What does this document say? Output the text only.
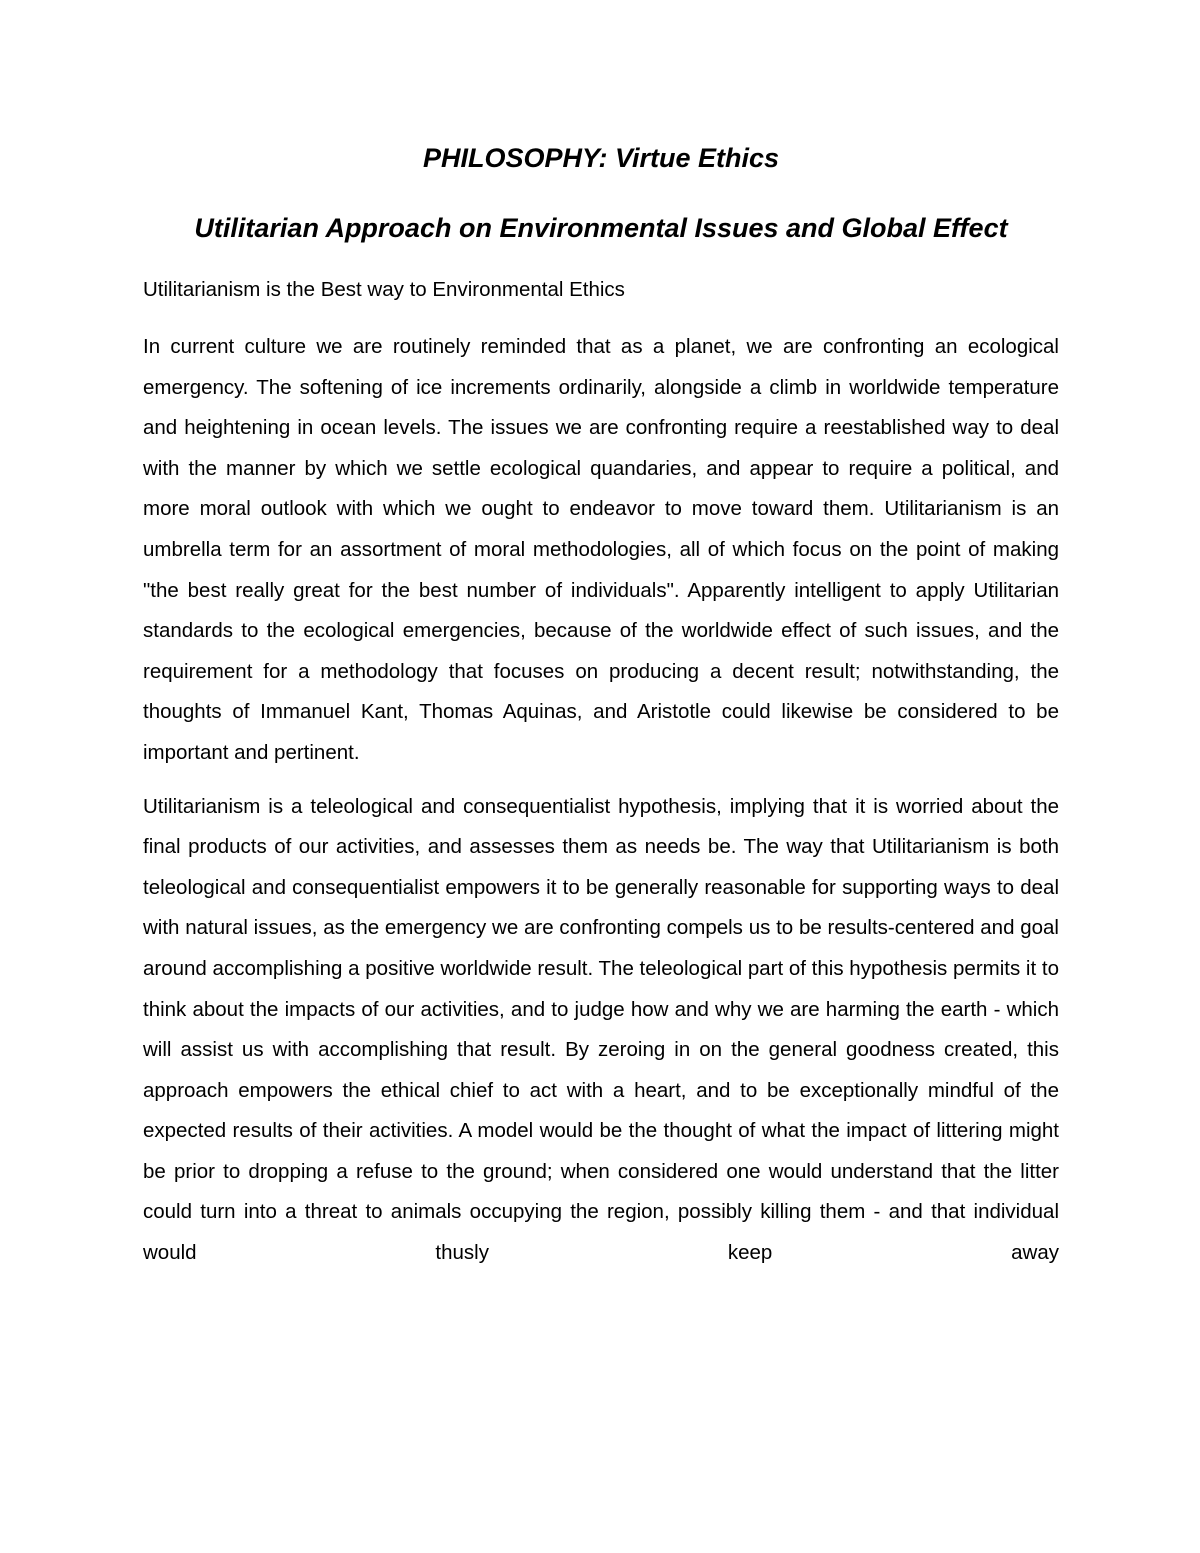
PHILOSOPHY: Virtue Ethics
Utilitarian Approach on Environmental Issues and Global Effect

Utilitarianism is the Best way to Environmental Ethics

In current culture we are routinely reminded that as a planet, we are confronting an ecological emergency. The softening of ice increments ordinarily, alongside a climb in worldwide temperature and heightening in ocean levels. The issues we are confronting require a reestablished way to deal with the manner by which we settle ecological quandaries, and appear to require a political, and more moral outlook with which we ought to endeavor to move toward them. Utilitarianism is an umbrella term for an assortment of moral methodologies, all of which focus on the point of making "the best really great for the best number of individuals". Apparently intelligent to apply Utilitarian standards to the ecological emergencies, because of the worldwide effect of such issues, and the requirement for a methodology that focuses on producing a decent result; notwithstanding, the thoughts of Immanuel Kant, Thomas Aquinas, and Aristotle could likewise be considered to be important and pertinent.

Utilitarianism is a teleological and consequentialist hypothesis, implying that it is worried about the final products of our activities, and assesses them as needs be. The way that Utilitarianism is both teleological and consequentialist empowers it to be generally reasonable for supporting ways to deal with natural issues, as the emergency we are confronting compels us to be results-centered and goal around accomplishing a positive worldwide result. The teleological part of this hypothesis permits it to think about the impacts of our activities, and to judge how and why we are harming the earth - which will assist us with accomplishing that result. By zeroing in on the general goodness created, this approach empowers the ethical chief to act with a heart, and to be exceptionally mindful of the expected results of their activities. A model would be the thought of what the impact of littering might be prior to dropping a refuse to the ground; when considered one would understand that the litter could turn into a threat to animals occupying the region, possibly killing them - and that individual would thusly keep away
